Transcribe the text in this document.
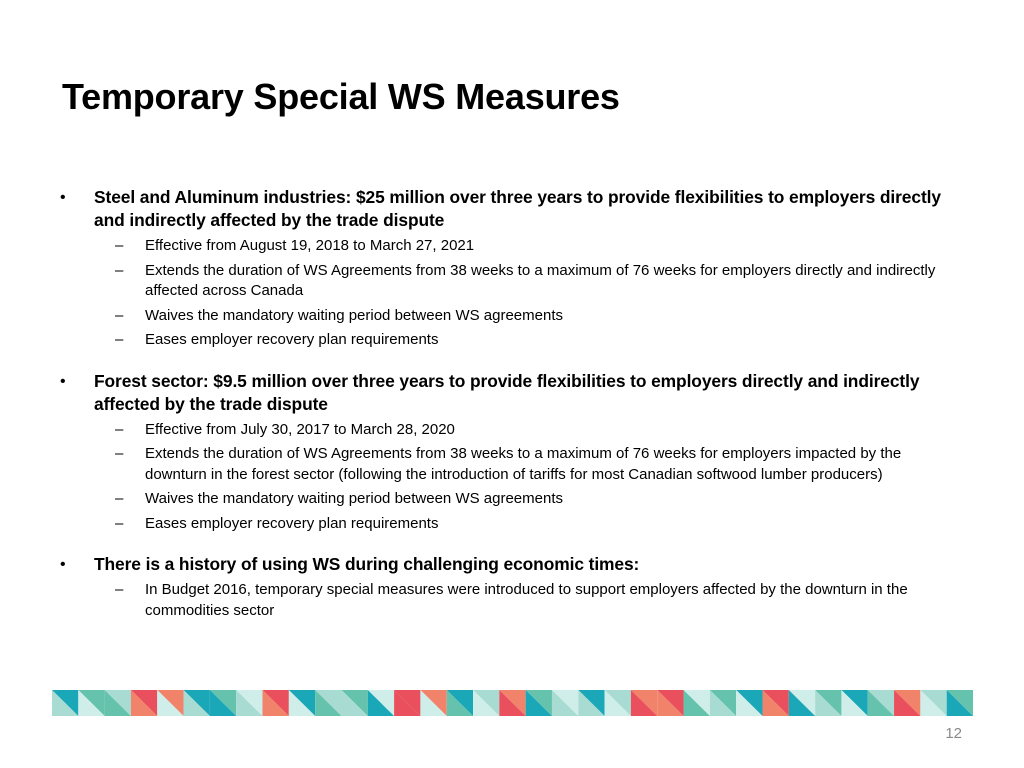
Temporary Special WS Measures
• Steel and Aluminum industries: $25 million over three years to provide flexibilities to employers directly and indirectly affected by the trade dispute
– Effective from August 19, 2018 to March 27, 2021
– Extends the duration of WS Agreements from 38 weeks to a maximum of 76 weeks for employers directly and indirectly affected across Canada
– Waives the mandatory waiting period between WS agreements
– Eases employer recovery plan requirements
• Forest sector: $9.5 million over three years to provide flexibilities to employers directly and indirectly affected by the trade dispute
– Effective from July 30, 2017 to March 28, 2020
– Extends the duration of WS Agreements from 38 weeks to a maximum of 76 weeks for employers impacted by the downturn in the forest sector (following the introduction of tariffs for most Canadian softwood lumber producers)
– Waives the mandatory waiting period between WS agreements
– Eases employer recovery plan requirements
• There is a history of using WS during challenging economic times:
– In Budget 2016, temporary special measures were introduced to support employers affected by the downturn in the commodities sector
12
